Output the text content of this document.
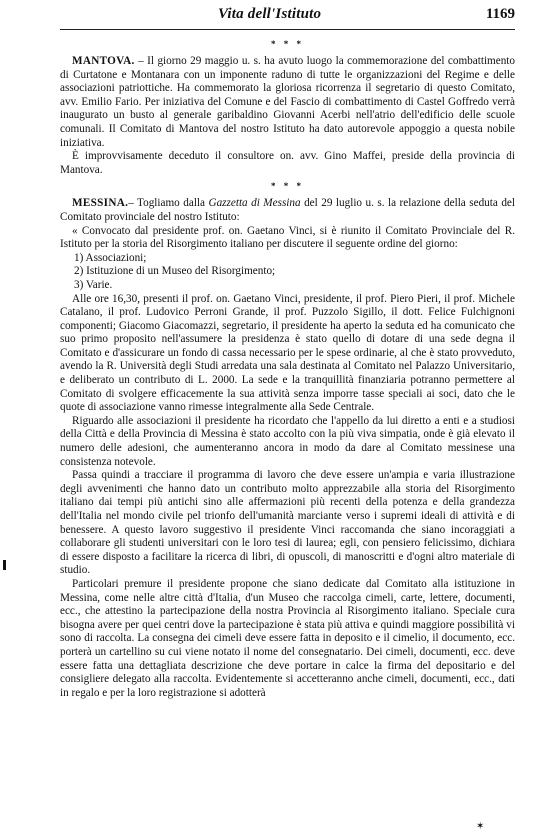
Vita dell'Istituto	1169
* * *

MANTOVA. – Il giorno 29 maggio u. s. ha avuto luogo la commemorazione del combattimento di Curtatone e Montanara con un imponente raduno di tutte le organizzazioni del Regime e delle associazioni patriottiche. Ha commemorato la gloriosa ricorrenza il segretario di questo Comitato, avv. Emilio Fario. Per iniziativa del Comune e del Fascio di combattimento di Castel Goffredo verrà inaugurato un busto al generale garibaldino Giovanni Acerbi nell'atrio dell'edificio delle scuole comunali. Il Comitato di Mantova del nostro Istituto ha dato autorevole appoggio a questa nobile iniziativa.

È improvvisamente deceduto il consultore on. avv. Gino Maffei, preside della provincia di Mantova.

* * *

MESSINA.– Togliamo dalla Gazzetta di Messina del 29 luglio u. s. la relazione della seduta del Comitato provinciale del nostro Istituto:

« Convocato dal presidente prof. on. Gaetano Vinci, si è riunito il Comitato Provinciale del R. Istituto per la storia del Risorgimento italiano per discutere il seguente ordine del giorno:

1) Associazioni;
2) Istituzione di un Museo del Risorgimento;
3) Varie.

Alle ore 16,30, presenti il prof. on. Gaetano Vinci, presidente, il prof. Piero Pieri, il prof. Michele Catalano, il prof. Ludovico Perroni Grande, il prof. Puzzolo Sigillo, il dott. Felice Fulchignoni componenti; Giacomo Giacomazzi, segretario, il presidente ha aperto la seduta ed ha comunicato che suo primo proposito nell'assumere la presidenza è stato quello di dotare di una sede degna il Comitato e d'assicurare un fondo di cassa necessario per le spese ordinarie, al che è stato provveduto, avendo la R. Università degli Studi arredata una sala destinata al Comitato nel Palazzo Universitario, e deliberato un contributo di L. 2000. La sede e la tranquillità finanziaria potranno permettere al Comitato di svolgere efficacemente la sua attività senza imporre tasse speciali ai soci, dato che le quote di associazione vanno rimesse integralmente alla Sede Centrale.

Riguardo alle associazioni il presidente ha ricordato che l'appello da lui diretto a enti e a studiosi della Città e della Provincia di Messina è stato accolto con la più viva simpatia, onde è già elevato il numero delle adesioni, che aumenteranno ancora in modo da dare al Comitato messinese una consistenza notevole.

Passa quindi a tracciare il programma di lavoro che deve essere un'ampia e varia illustrazione degli avvenimenti che hanno dato un contributo molto apprezzabile alla storia del Risorgimento italiano dai tempi più antichi sino alle affermazioni più recenti della potenza e della grandezza dell'Italia nel mondo civile pel trionfo dell'umanità marciante verso i supremi ideali di attività e di benessere. A questo lavoro suggestivo il presidente Vinci raccomanda che siano incoraggiati a collaborare gli studenti universitari con le loro tesi di laurea; egli, con pensiero felicissimo, dichiara di essere disposto a facilitare la ricerca di libri, di opuscoli, di manoscritti e d'ogni altro materiale di studio.

Particolari premure il presidente propone che siano dedicate dal Comitato alla istituzione in Messina, come nelle altre città d'Italia, d'un Museo che raccolga cimeli, carte, lettere, documenti, ecc., che attestino la partecipazione della nostra Provincia al Risorgimento italiano. Speciale cura bisogna avere per quei centri dove la partecipazione è stata più attiva e quindi maggiore possibilità vi sono di raccolta. La consegna dei cimeli deve essere fatta in deposito e il cimelio, il documento, ecc. porterà un cartellino su cui viene notato il nome del consegnatario. Dei cimeli, documenti, ecc. deve essere fatta una dettagliata descrizione che deve portare in calce la firma del depositario e del consigliere delegato alla raccolta. Evidentemente si accetteranno anche cimeli, documenti, ecc., dati in regalo e per la loro registrazione si adotterà

✶
